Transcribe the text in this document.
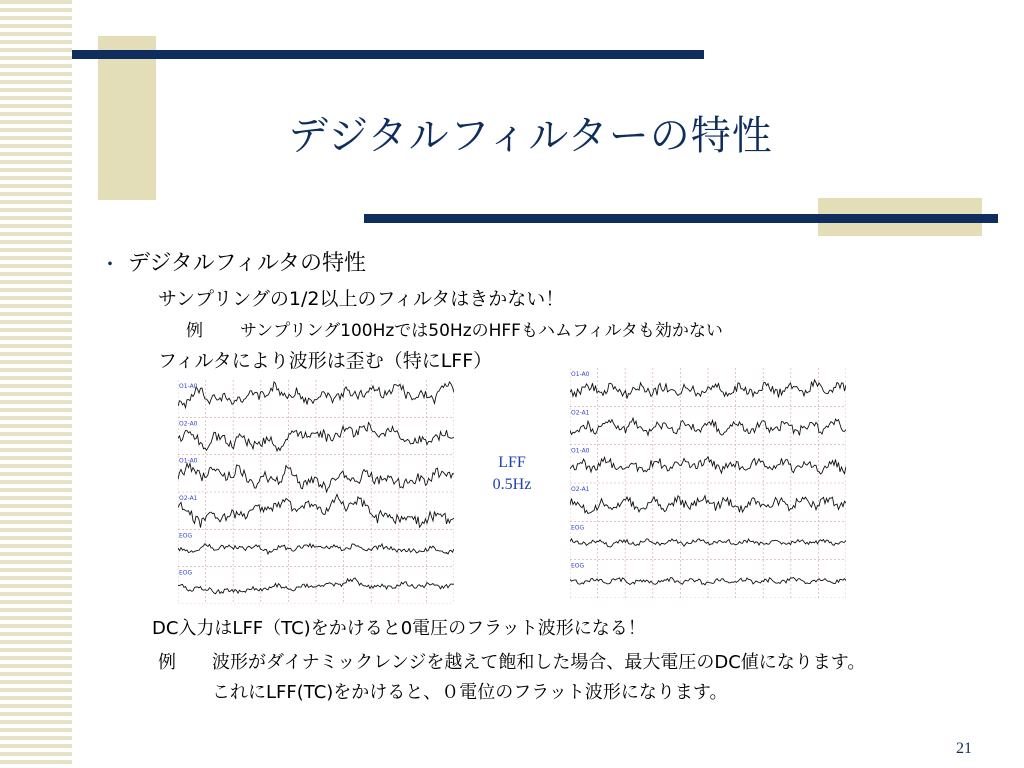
デジタルフィルターの特性
・ デジタルフィルタの特性
サンプリングの1/2以上のフィルタはきかない！
例 サンプリング100Hzでは50HzのHFFもハムフィルタも効かない
フィルタにより波形は歪む（特にLFF）
O1-A0
O2-A0
O1-A0
O2-A1
EOG
EOG
LFF
0.5Hz
O1-A0
O2-A1
O1-A0
O2-A1
EOG
EOG
DC入力はLFF（TC)をかけると0電圧のフラット波形になる！
例 波形がダイナミックレンジを越えて飽和した場合、最大電圧のDC値になります。
これにLFF(TC)をかけると、０電位のフラット波形になります。
21
